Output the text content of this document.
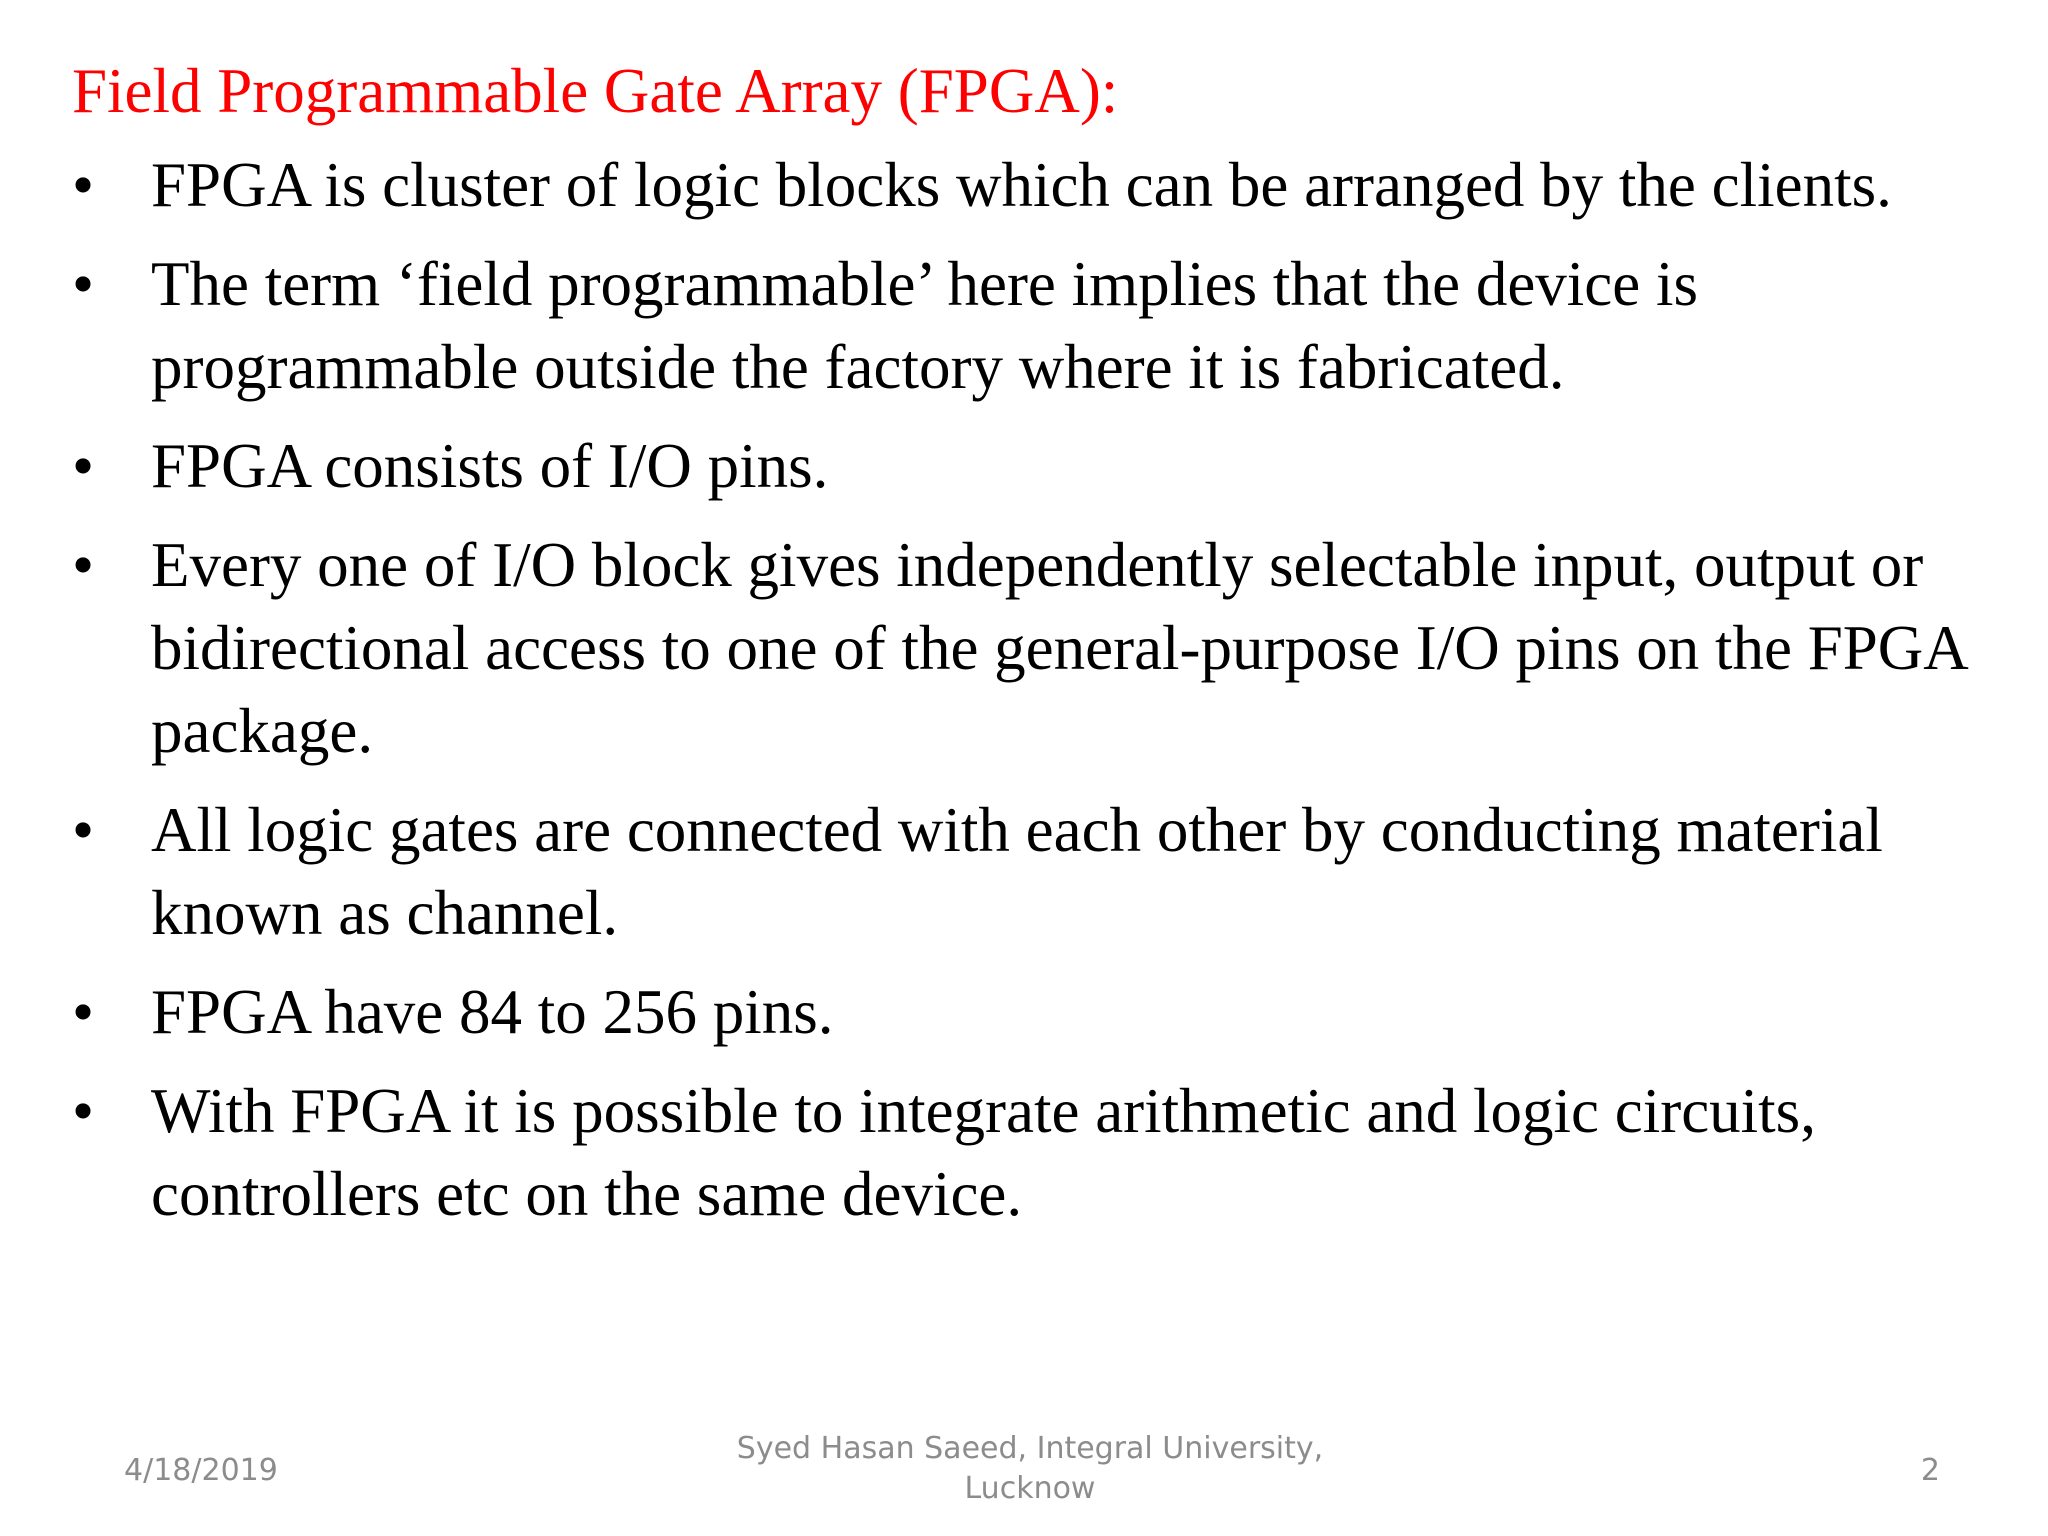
Field Programmable Gate Array (FPGA):
• FPGA is cluster of logic blocks which can be arranged by the clients.
• The term ‘field programmable’ here implies that the device is programmable outside the factory where it is fabricated.
• FPGA consists of I/O pins.
• Every one of I/O block gives independently selectable input, output or bidirectional access to one of the general-purpose I/O pins on the FPGA package.
• All logic gates are connected with each other by conducting material known as channel.
• FPGA have 84 to 256 pins.
• With FPGA it is possible to integrate arithmetic and logic circuits, controllers etc on the same device.
4/18/2019
Syed Hasan Saeed, Integral University,
Lucknow
2
